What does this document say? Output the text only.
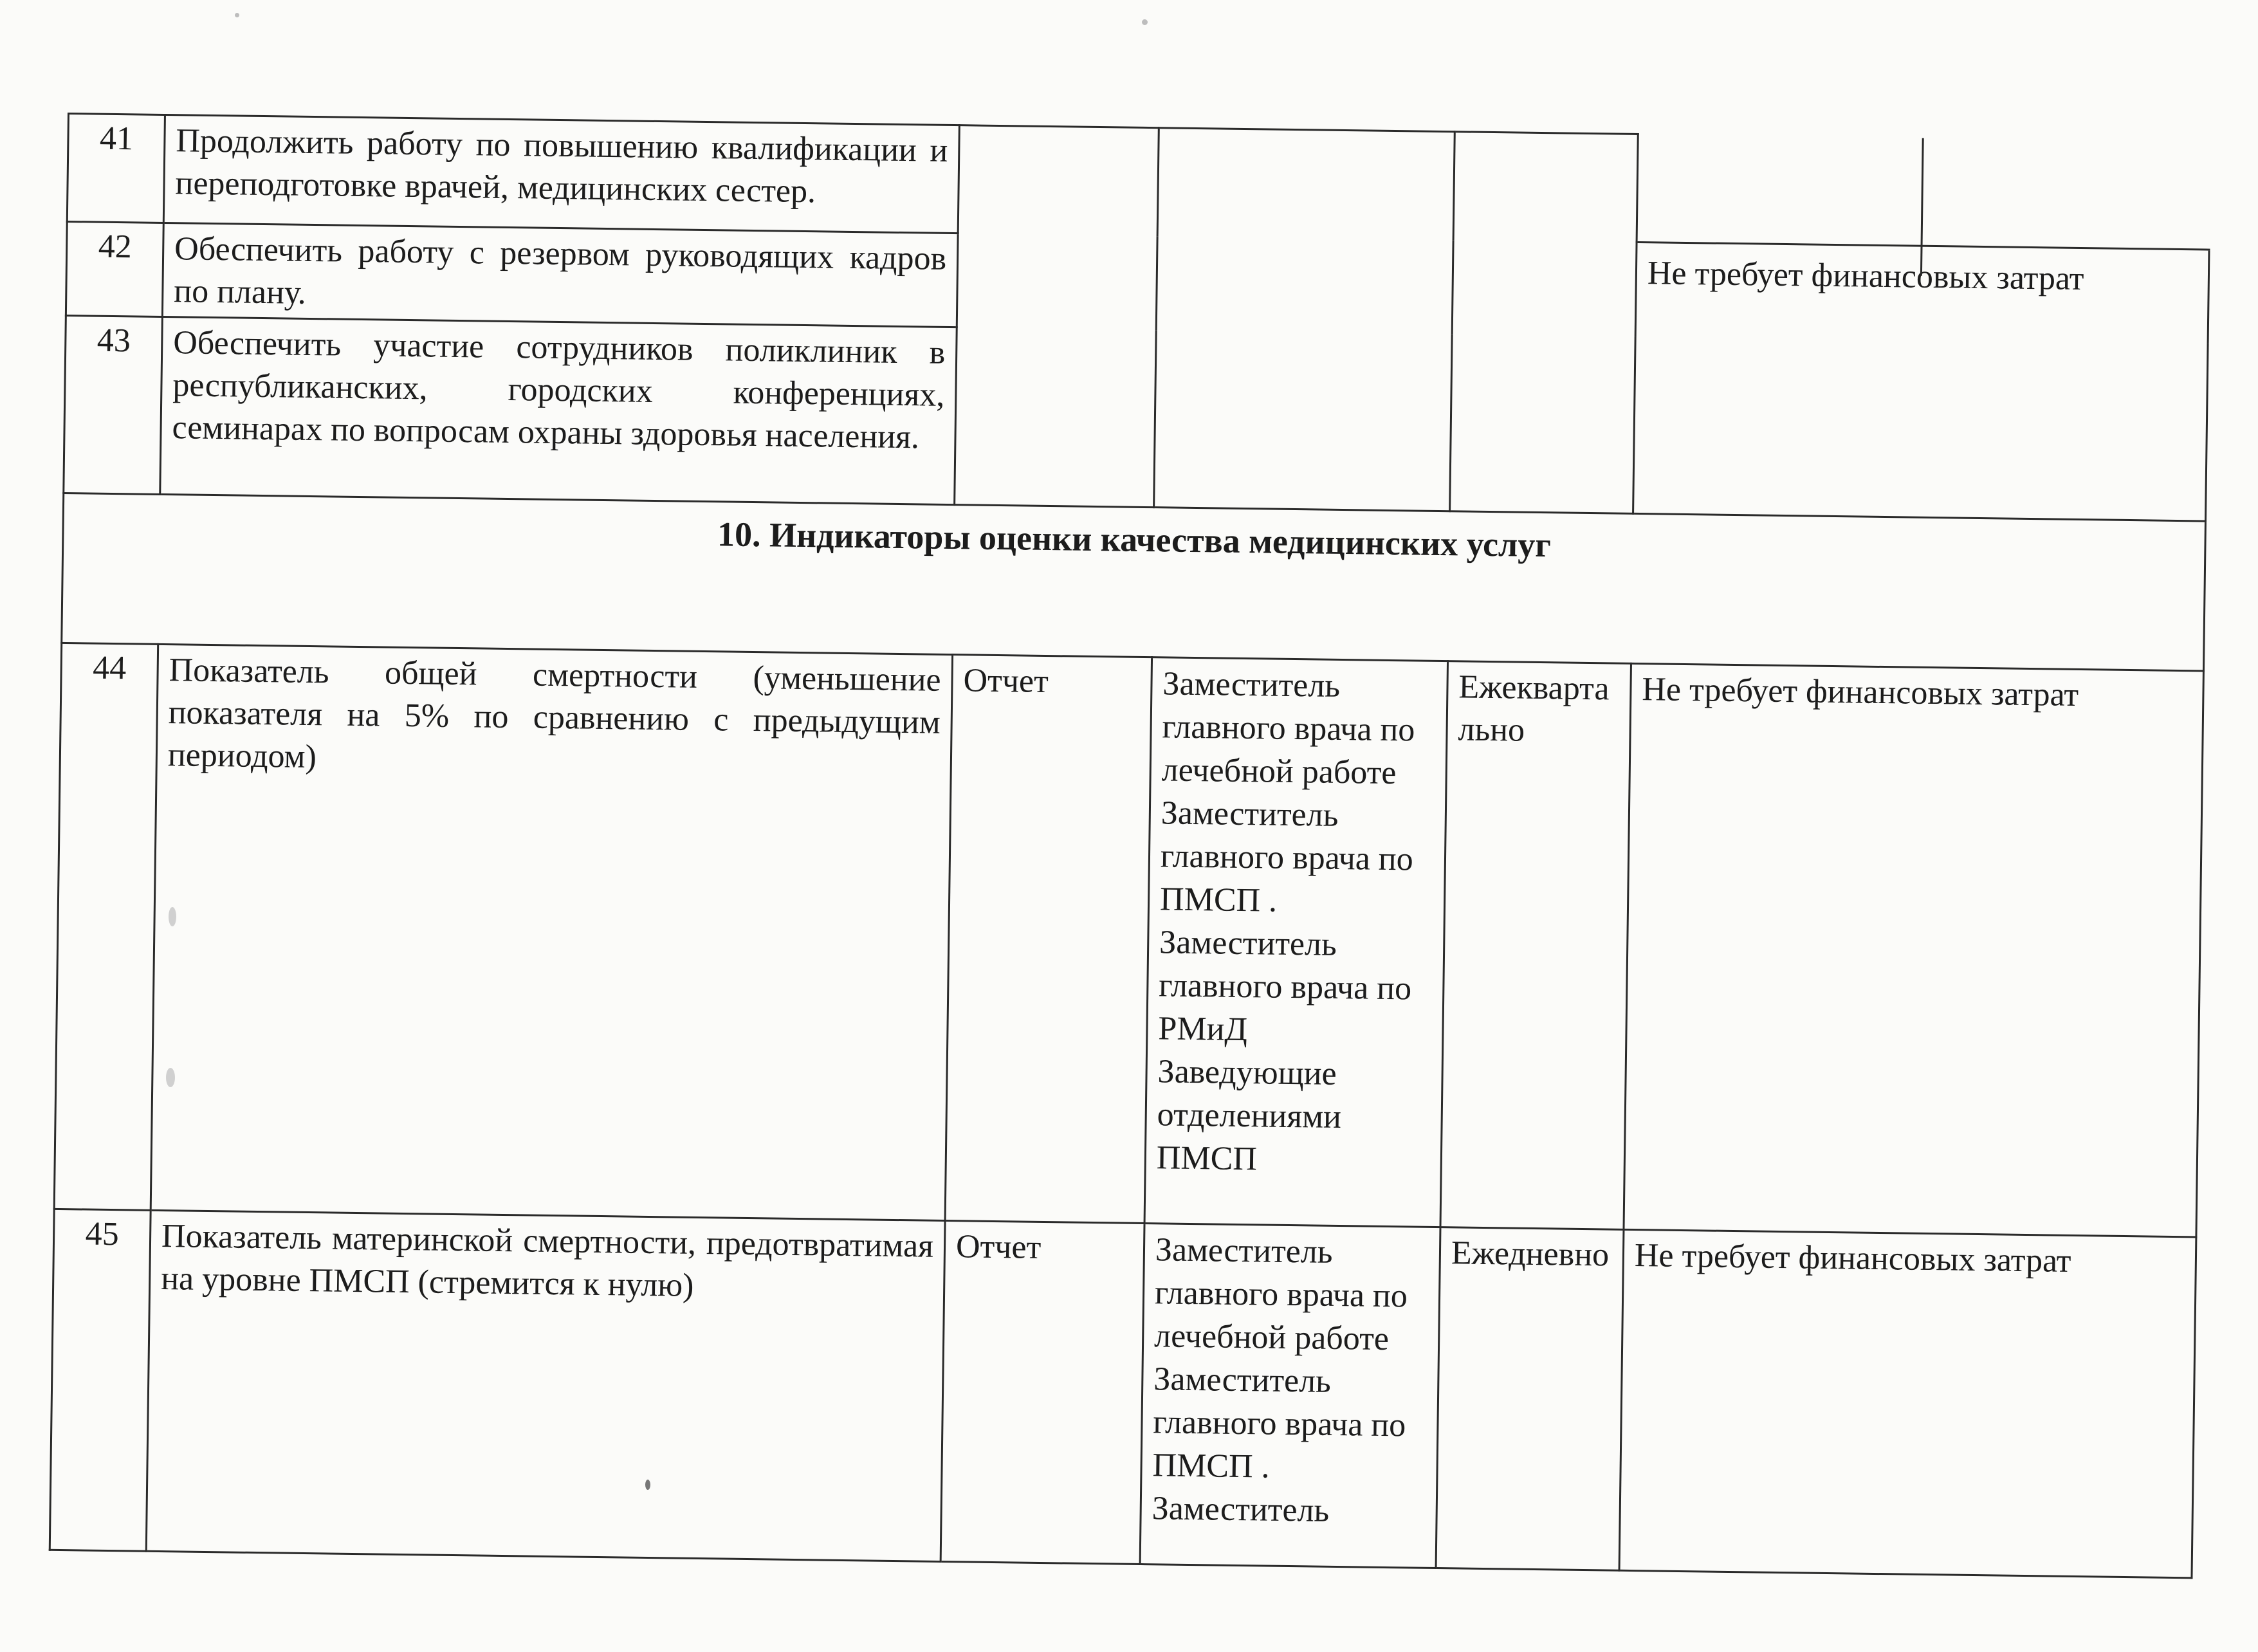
41	Продолжить работу по повышению квалификации и переподготовке врачей, медицинских сестер.				

42	Обеспечить работу с резервом руководящих кадров по плану.				Не требует финансовых затрат
43	Обеспечить участие сотрудников поликлиник в республиканских, городских конференциях, семинарах по вопросам охраны здоровья населения.				
10. Индикаторы оценки качества медицинских услуг					
44	Показатель общей смертности (уменьшение показателя на 5% по сравнению с предыдущим периодом)	Отчет	Заместитель главного врача по лечебной работе Заместитель главного врача по ПМСП . Заместитель главного врача по РМиД Заведующие отделениями ПМСП	Ежеквартально	Не требует финансовых затрат
45	Показатель материнской смертности, предотвратимая на уровне ПМСП (стремится к нулю)	Отчет	Заместитель главного врача по лечебной работе Заместитель главного врача по ПМСП . Заместитель	Ежедневно	Не требует финансовых затрат
